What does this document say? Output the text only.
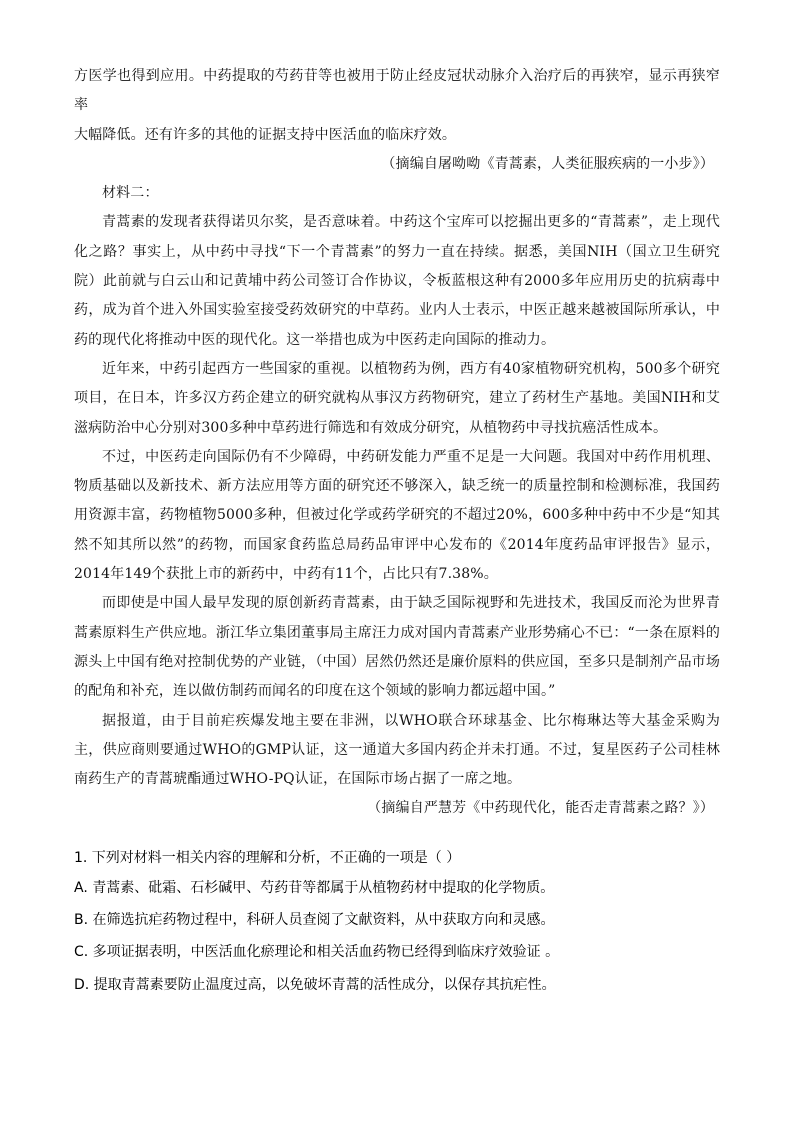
方医学也得到应用。中药提取的芍药苷等也被用于防止经皮冠状动脉介入治疗后的再狭窄，显示再狭窄率

大幅降低。还有许多的其他的证据支持中医活血的临床疗效。

（摘编自屠呦呦《青蒿素，人类征服疾病的一小步》）

材料二：

青蒿素的发现者获得诺贝尔奖，是否意味着。中药这个宝库可以挖掘出更多的“青蒿素”，走上现代化之路？事实上，从中药中寻找“下一个青蒿素”的努力一直在持续。据悉，美国NIH（国立卫生研究院）此前就与白云山和记黄埔中药公司签订合作协议，令板蓝根这种有2000多年应用历史的抗病毒中药，成为首个进入外国实验室接受药效研究的中草药。业内人士表示，中医正越来越被国际所承认，中药的现代化将推动中医的现代化。这一举措也成为中医药走向国际的推动力。

近年来，中药引起西方一些国家的重视。以植物药为例，西方有40家植物研究机构，500多个研究项目，在日本，许多汉方药企建立的研究就构从事汉方药物研究，建立了药材生产基地。美国NIH和艾滋病防治中心分别对300多种中草药进行筛选和有效成分研究，从植物药中寻找抗癌活性成本。

不过，中医药走向国际仍有不少障碍，中药研发能力严重不足是一大问题。我国对中药作用机理、物质基础以及新技术、新方法应用等方面的研究还不够深入，缺乏统一的质量控制和检测标准，我国药用资源丰富，药物植物5000多种，但被过化学或药学研究的不超过20%，600多种中药中不少是“知其然不知其所以然”的药物，而国家食药监总局药品审评中心发布的《2014年度药品审评报告》显示，2014年149个获批上市的新药中，中药有11个，占比只有7.38%。

而即使是中国人最早发现的原创新药青蒿素，由于缺乏国际视野和先进技术，我国反而沦为世界青蒿素原料生产供应地。浙江华立集团董事局主席汪力成对国内青蒿素产业形势痛心不已：“一条在原料的源头上中国有绝对控制优势的产业链，（中国）居然仍然还是廉价原料的供应国，至多只是制剂产品市场的配角和补充，连以做仿制药而闻名的印度在这个领域的影响力都远超中国。”

据报道，由于目前疟疾爆发地主要在非洲，以WHO联合环球基金、比尔梅琳达等大基金采购为主，供应商则要通过WHO的GMP认证，这一通道大多国内药企并未打通。不过，复星医药子公司桂林南药生产的青蒿琥酯通过WHO-PQ认证，在国际市场占据了一席之地。

（摘编自严慧芳《中药现代化，能否走青蒿素之路？》）

1. 下列对材料一相关内容的理解和分析，不正确的一项是（ ）

A. 青蒿素、砒霜、石杉碱甲、芍药苷等都属于从植物药材中提取的化学物质。

B. 在筛选抗疟药物过程中，科研人员查阅了文献资料，从中获取方向和灵感。

C. 多项证据表明，中医活血化瘀理论和相关活血药物已经得到临床疗效验证 。

D. 提取青蒿素要防止温度过高，以免破坏青蒿的活性成分，以保存其抗疟性。
